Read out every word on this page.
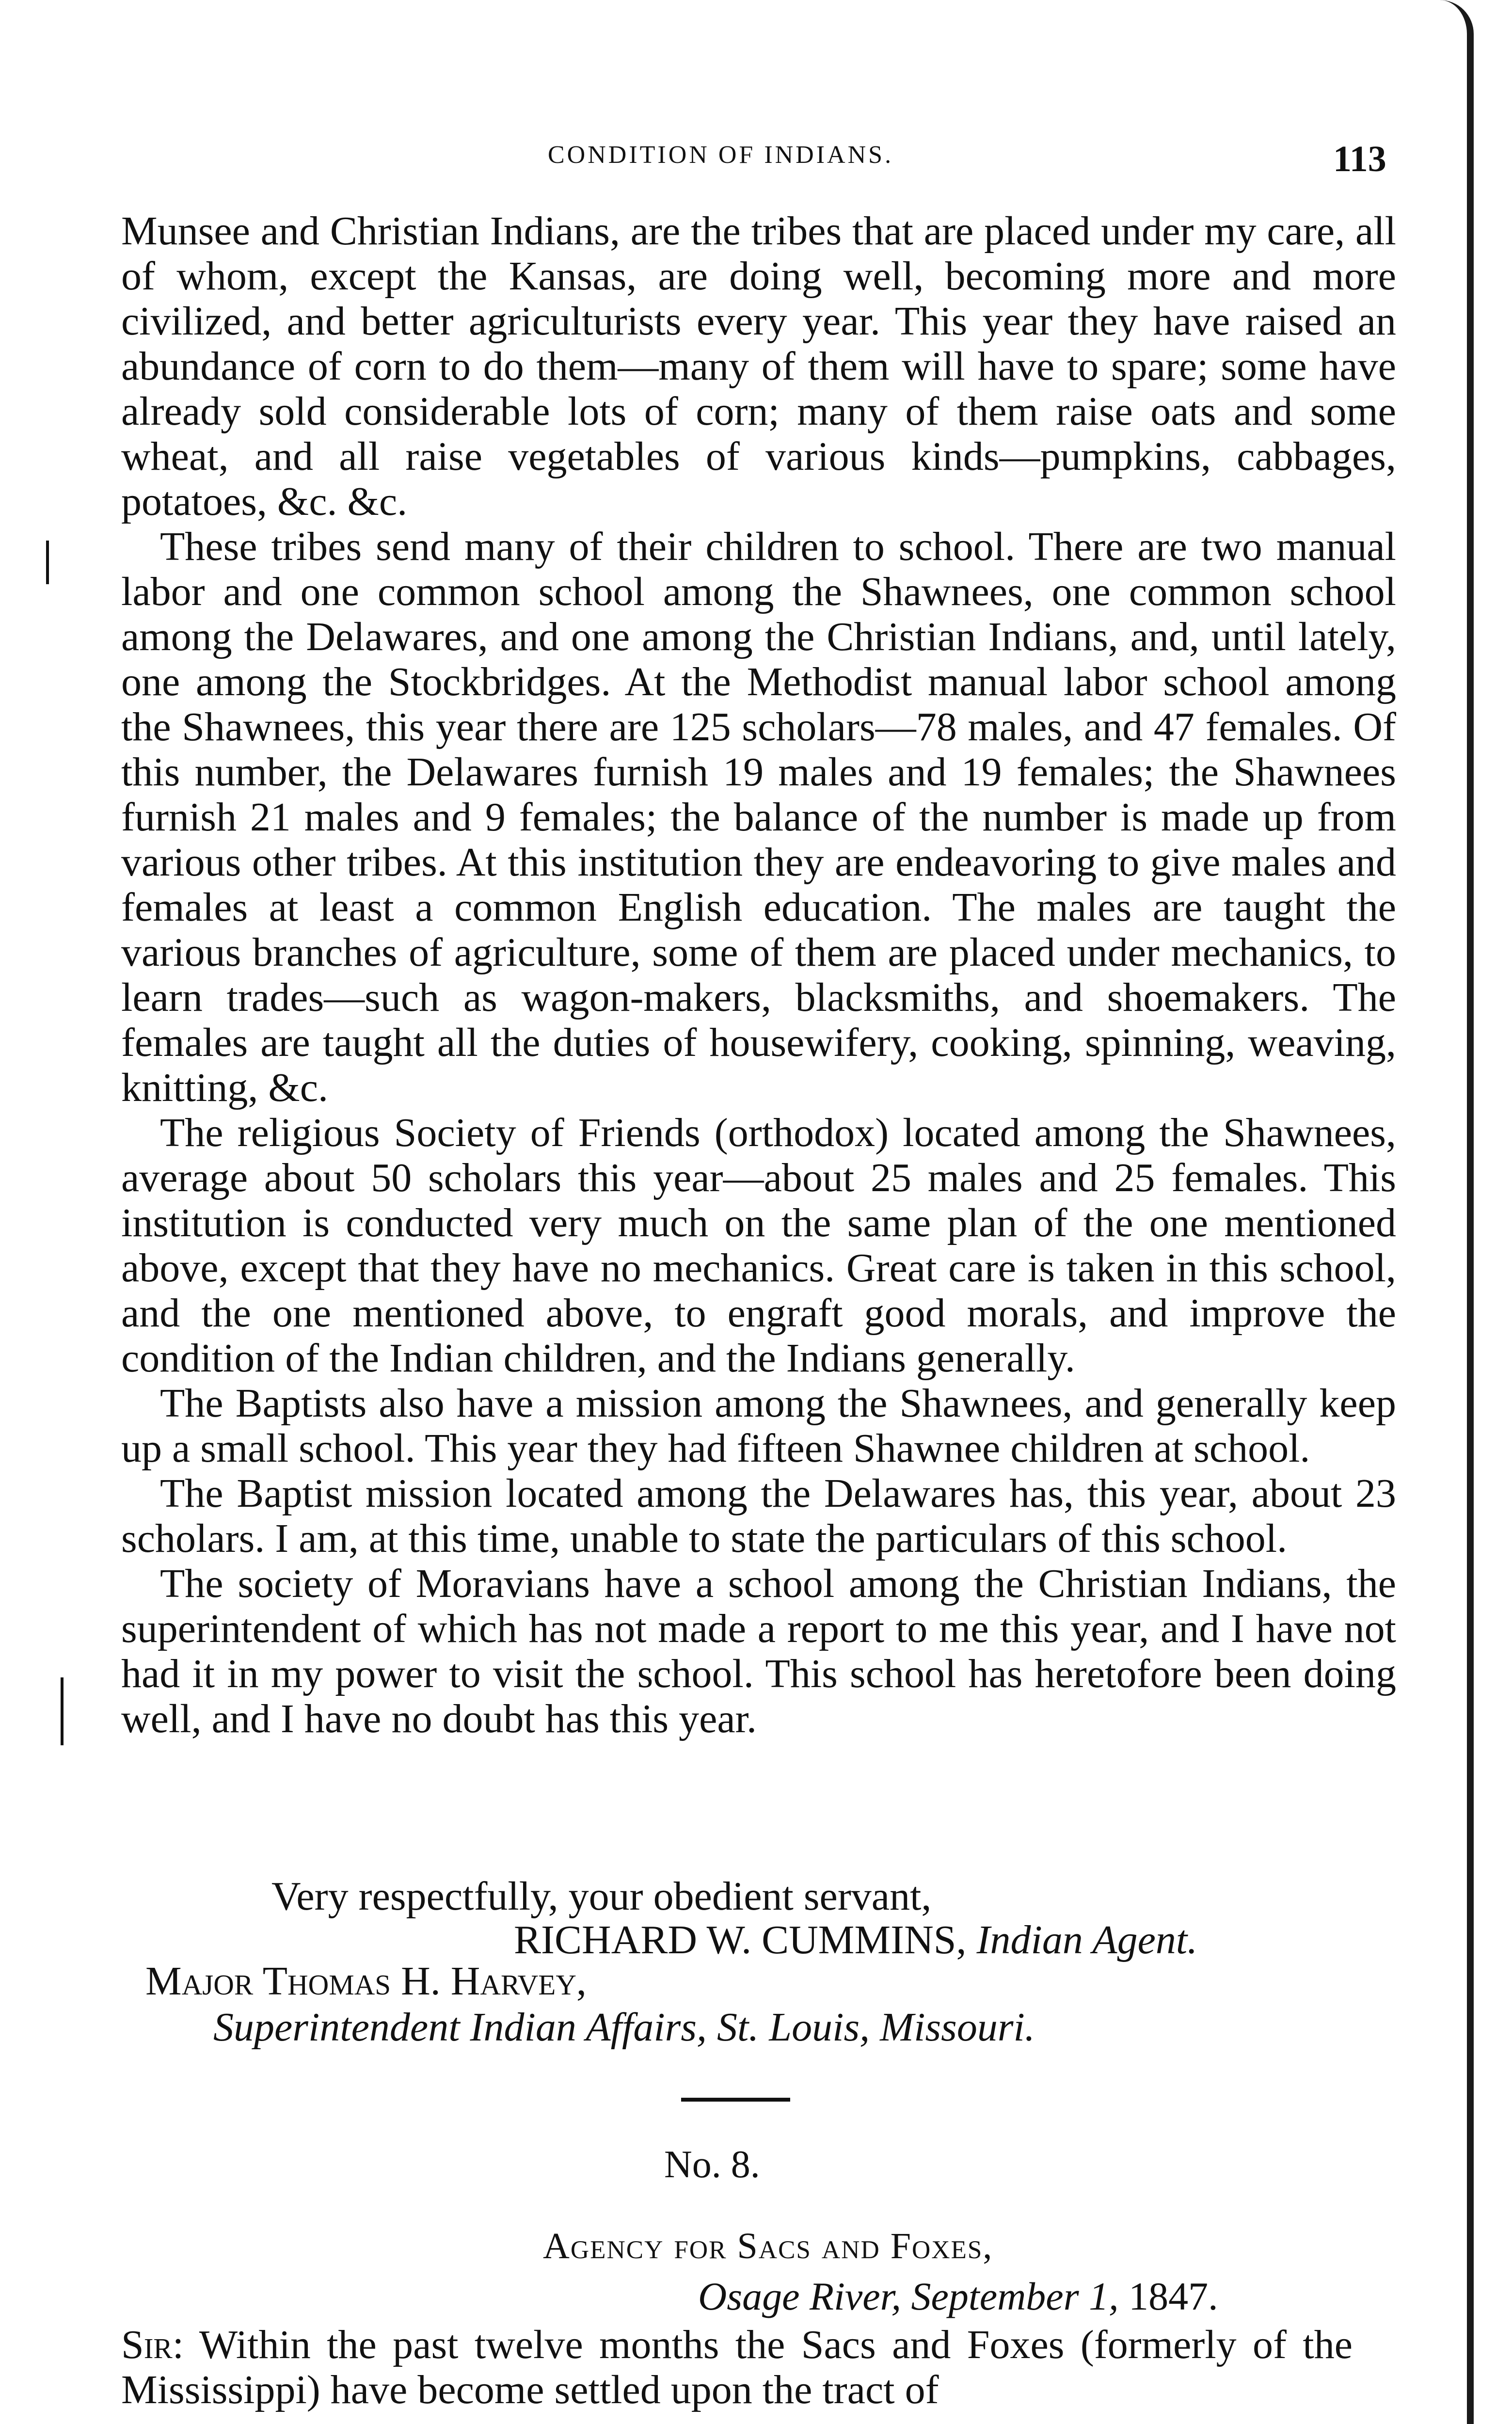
CONDITION OF INDIANS.	113

Munsee and Christian Indians, are the tribes that are placed under my care, all of whom, except the Kansas, are doing well, becoming more and more civilized, and better agriculturists every year. This year they have raised an abundance of corn to do them—many of them will have to spare; some have already sold considerable lots of corn; many of them raise oats and some wheat, and all raise vegetables of various kinds—pumpkins, cabbages, potatoes, &c. &c.

These tribes send many of their children to school. There are two manual labor and one common school among the Shawnees, one common school among the Delawares, and one among the Christian Indians, and, until lately, one among the Stockbridges. At the Methodist manual labor school among the Shawnees, this year there are 125 scholars—78 males, and 47 females. Of this number, the Delawares furnish 19 males and 19 females; the Shawnees furnish 21 males and 9 females; the balance of the number is made up from various other tribes. At this institution they are endeavoring to give males and females at least a common English education. The males are taught the various branches of agriculture, some of them are placed under mechanics, to learn trades—such as wagon-makers, blacksmiths, and shoemakers. The females are taught all the duties of housewifery, cooking, spinning, weaving, knitting, &c.

The religious Society of Friends (orthodox) located among the Shawnees, average about 50 scholars this year—about 25 males and 25 females. This institution is conducted very much on the same plan of the one mentioned above, except that they have no mechanics. Great care is taken in this school, and the one mentioned above, to engraft good morals, and improve the condition of the Indian children, and the Indians generally.

The Baptists also have a mission among the Shawnees, and generally keep up a small school. This year they had fifteen Shawnee children at school.

The Baptist mission located among the Delawares has, this year, about 23 scholars. I am, at this time, unable to state the particulars of this school.

The society of Moravians have a school among the Christian Indians, the superintendent of which has not made a report to me this year, and I have not had it in my power to visit the school. This school has heretofore been doing well, and I have no doubt has this year.

Very respectfully, your obedient servant,
RICHARD W. CUMMINS, Indian Agent.
Major Thomas H. Harvey,
Superintendent Indian Affairs, St. Louis, Missouri.
No. 8.
Agency for Sacs and Foxes,
Osage River, September 1, 1847.
Sir: Within the past twelve months the Sacs and Foxes (formerly of the Mississippi) have become settled upon the tract of
